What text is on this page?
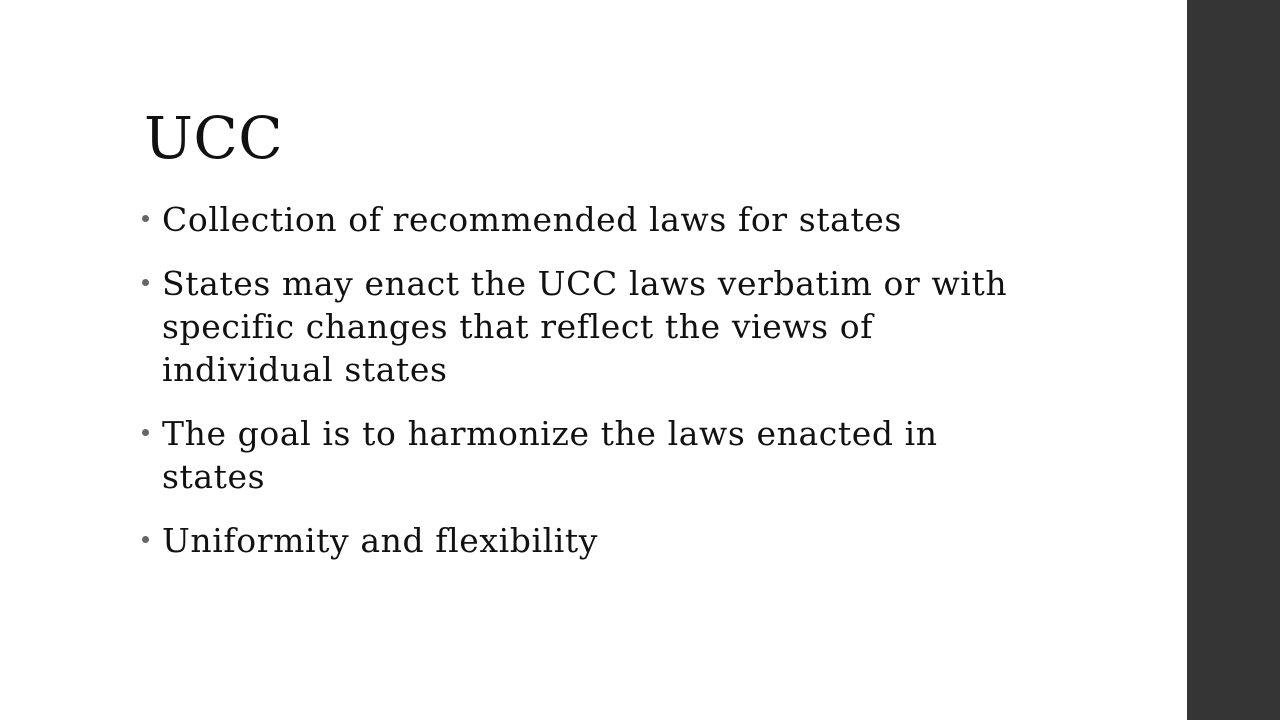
UCC
Collection of recommended laws for states
States may enact the UCC laws verbatim or with specific changes that reflect the views of individual states
The goal is to harmonize the laws enacted in states
Uniformity and flexibility
